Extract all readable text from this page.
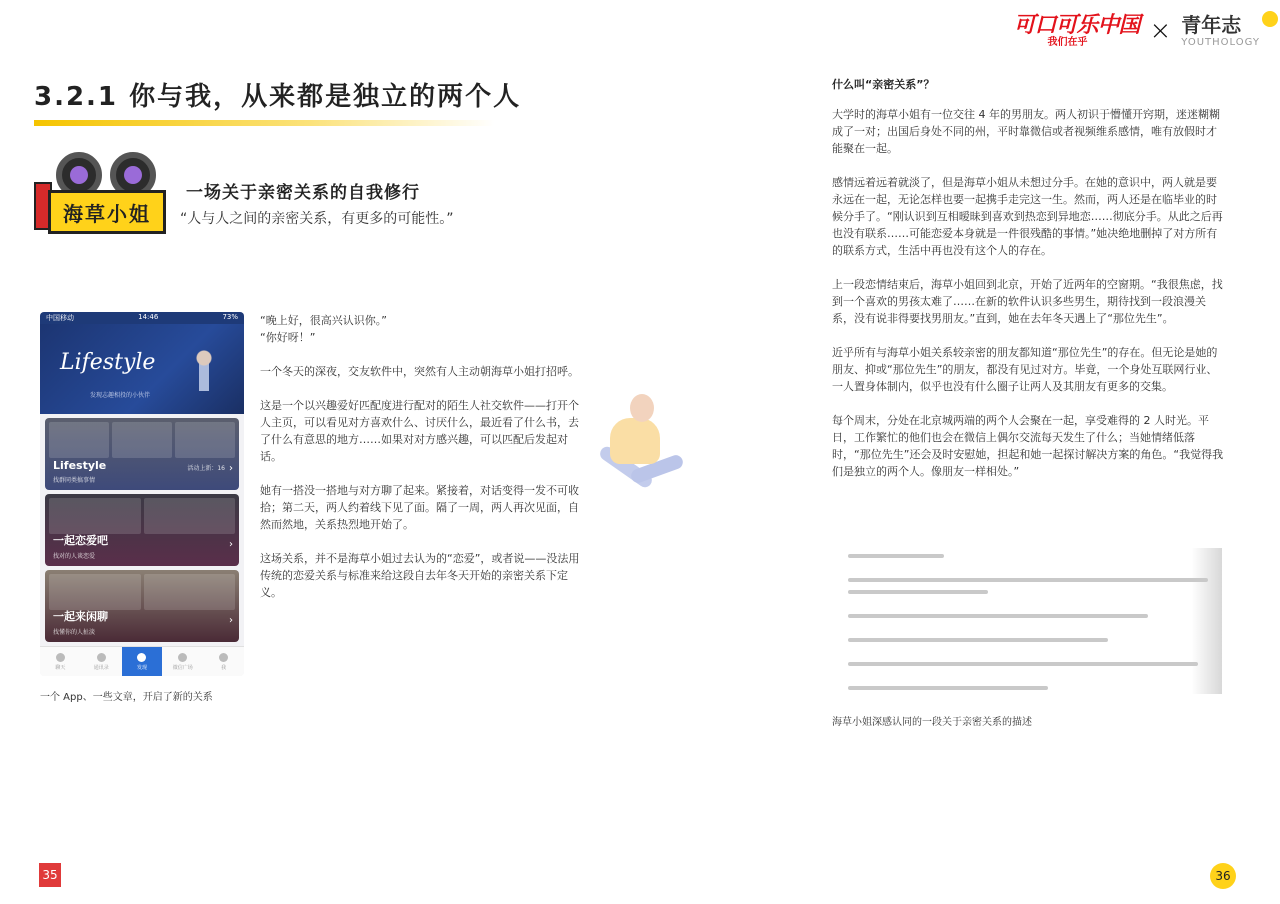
可口可乐中国
我们在乎 × 青年志
YOUTHOLOGY
3.2.1 你与我，从来都是独立的两个人
海草小姐
一场关于亲密关系的自我修行
“人与人之间的亲密关系，有更多的可能性。”
中国移动	14:46	73%
Lifestyle
发现志趣相投的小伙伴
Lifestyle
找群同类搞事情
活动上新：16 ›
一起恋爱吧
找对的人谈恋爱
›
一起来闲聊
找懂你的人扯淡
›
聊天	通讯录	发现	微信广场	我
一个 App、一些文章，开启了新的关系

“晚上好，很高兴认识你。”

“你好呀！”

一个冬天的深夜，交友软件中，突然有人主动朝海草小姐打招呼。

这是一个以兴趣爱好匹配度进行配对的陌生人社交软件——打开个人主页，可以看见对方喜欢什么、讨厌什么，最近看了什么书，去了什么有意思的地方……如果对对方感兴趣，可以匹配后发起对话。

她有一搭没一搭地与对方聊了起来。紧接着，对话变得一发不可收拾；第二天，两人约着线下见了面。隔了一周，两人再次见面，自然而然地，关系热烈地开始了。

这场关系，并不是海草小姐过去认为的“恋爱”，或者说——没法用传统的恋爱关系与标准来给这段自去年冬天开始的亲密关系下定义。

35
什么叫“亲密关系”？

大学时的海草小姐有一位交往 4 年的男朋友。两人初识于懵懂开窍期，迷迷糊糊成了一对；出国后身处不同的州，平时靠微信或者视频维系感情，唯有放假时才能聚在一起。

感情远着远着就淡了，但是海草小姐从未想过分手。在她的意识中，两人就是要永远在一起，无论怎样也要一起携手走完这一生。然而，两人还是在临毕业的时候分手了。“刚认识到互相暧昧到喜欢到热恋到异地恋……彻底分手。从此之后再也没有联系……可能恋爱本身就是一件很残酷的事情。”她决绝地删掉了对方所有的联系方式，生活中再也没有这个人的存在。

上一段恋情结束后，海草小姐回到北京，开始了近两年的空窗期。“我很焦虑，找到一个喜欢的男孩太难了……在新的软件认识多些男生，期待找到一段浪漫关系，没有说非得要找男朋友。”直到，她在去年冬天遇上了“那位先生”。

近乎所有与海草小姐关系较亲密的朋友都知道“那位先生”的存在。但无论是她的朋友、抑或“那位先生”的朋友，都没有见过对方。毕竟，一个身处互联网行业、一人置身体制内，似乎也没有什么圈子让两人及其朋友有更多的交集。

每个周末，分处在北京城两端的两个人会聚在一起，享受难得的 2 人时光。平日，工作繁忙的他们也会在微信上偶尔交流每天发生了什么；当她情绪低落时，“那位先生”还会及时安慰她，担起和她一起探讨解决方案的角色。“我觉得我们是独立的两个人。像朋友一样相处。”

海草小姐深感认同的一段关于亲密关系的描述
36
